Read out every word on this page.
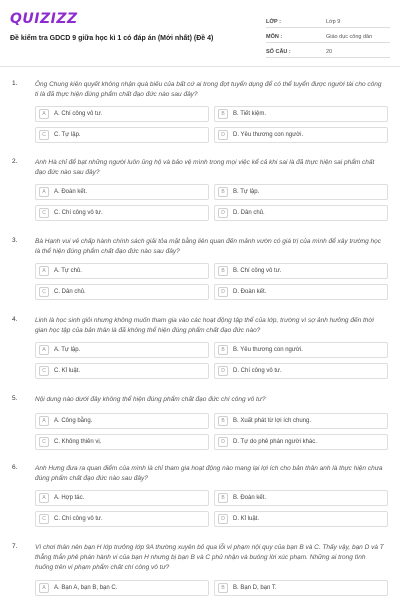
QUIZIZZ
Đề kiểm tra GDCD 9 giữa học kì 1 có đáp án (Mới nhất) (Đề 4)
LỚP :	Lớp 9
MÔN :	Giáo dục công dân
SỐ CÂU :	20
1.	Ông Chung kiên quyết không nhận quà biếu của bất cứ ai trong đợt tuyển dụng để có thể tuyển được người tài cho công ti là đã thực hiện đúng phẩm chất đạo đức nào sau đây?
A	A. Chí công vô tư.	B	B. Tiết kiệm.
C	C. Tự lập.	D	D. Yêu thương con người.
2.	Anh Hà chỉ để bạt những người luôn ủng hộ và bảo vệ mình trong mọi việc kể cả khi sai là đã thực hiện sai phẩm chất đạo đức nào sau đây?
A	A. Đoàn kết.	B	B. Tự lập.
C	C. Chí công vô tư.	D	D. Dân chủ.
3.	Bà Hạnh vui vẻ chấp hành chính sách giải tỏa mặt bằng liên quan đến mảnh vườn có giá trị của mình để xây trường học là thể hiện đúng phẩm chất đạo đức nào sau đây?
A	A. Tự chủ.	B	B. Chí công vô tư.
C	C. Dân chủ.	D	D. Đoàn kết.
4.	Linh là học sinh giỏi nhưng không muốn tham gia vào các hoạt động tập thể của lớp, trường vì sợ ảnh hưởng đến thời gian học tập của bản thân là đã không thể hiện đúng phẩm chất đạo đức nào?
A	A. Tự lập.	B	B. Yêu thương con người.
C	C. Kỉ luật.	D	D. Chí công vô tư.
5.	Nội dung nào dưới đây không thể hiện đúng phẩm chất đạo đức chí công vô tư?
A	A. Công bằng.	B	B. Xuất phát từ lợi ích chung.
C	C. Không thiên vị.	D	D. Tự do phê phán người khác.
6.	Anh Hưng đưa ra quan điểm của mình là chỉ tham gia hoạt động nào mang lại lợi ích cho bản thân anh là thực hiện chưa đúng phẩm chất đạo đức nào sau đây?
A	A. Hợp tác.	B	B. Đoàn kết.
C	C. Chí công vô tư.	D	D. Kỉ luật.
7.	Vì chơi thân nên bạn H lớp trưởng lớp 9A thường xuyên bỏ qua lỗi vi phạm nội quy của bạn B và C. Thấy vậy, bạn D và T thẳng thắn phê phán hành vi của bạn H nhưng bị bạn B và C phủ nhận và buông lời xúc phạm. Những ai trong tình huống trên vi phạm phẩm chất chí công vô tư?
A	A. Bạn A, bạn B, bạn C.	B	B. Bạn D, bạn T.
